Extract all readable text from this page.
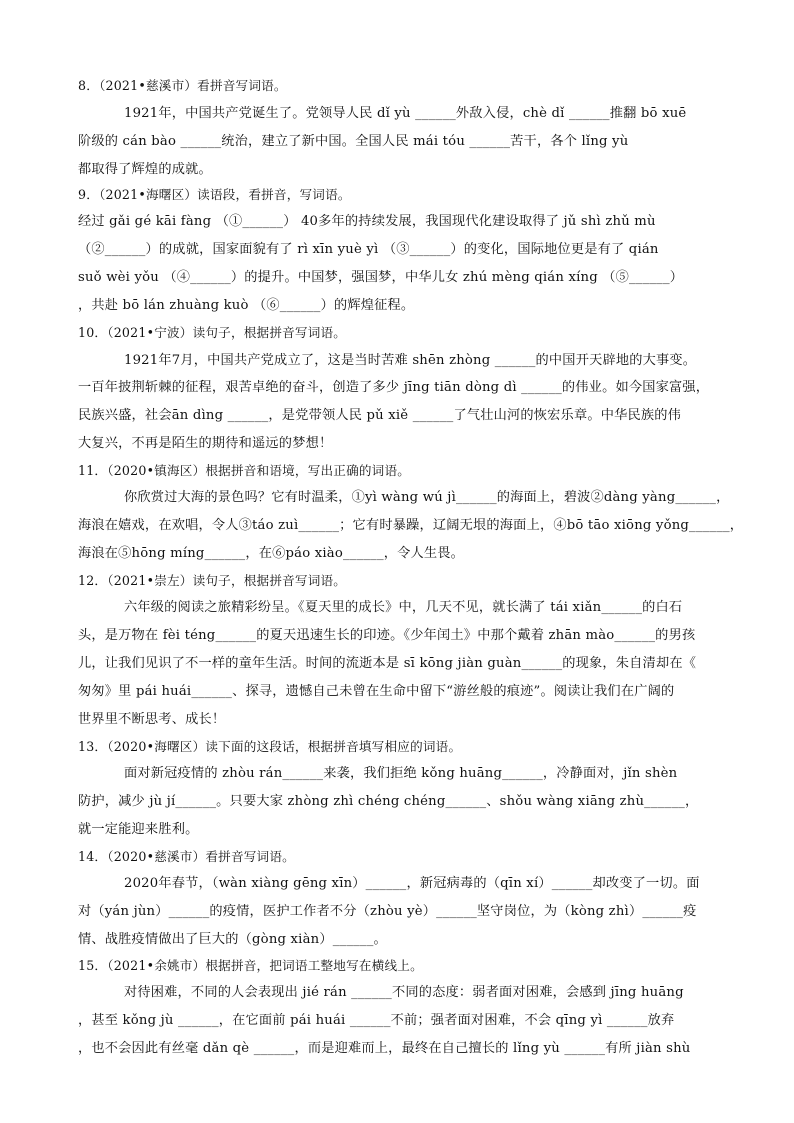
8．（2021•慈溪市）看拼音写词语。
1921年，中国共产党诞生了。党领导人民 dǐ yù ______外敌入侵，chè dǐ ______推翻 bō xuē
阶级的 cán bào ______统治，建立了新中国。全国人民 mái tóu ______苦干，各个 lǐng yù
都取得了辉煌的成就。
9．（2021•海曙区）读语段，看拼音，写词语。
经过 gǎi gé kāi fàng （①______） 40多年的持续发展，我国现代化建设取得了 jǔ shì zhǔ mù
（②______）的成就，国家面貌有了 rì xīn yuè yì （③______）的变化，国际地位更是有了 qián
suǒ wèi yǒu （④______）的提升。中国梦，强国梦，中华儿女 zhú mèng qián xíng （⑤______）
，共赴 bō lán zhuàng kuò （⑥______）的辉煌征程。
10．（2021•宁波）读句子，根据拼音写词语。
1921年7月，中国共产党成立了，这是当时苦难 shēn zhòng ______的中国开天辟地的大事变。
一百年披荆斩棘的征程，艰苦卓绝的奋斗，创造了多少 jīng tiān dòng dì ______的伟业。如今国家富强，
民族兴盛，社会ān dìng ______，是党带领人民 pǔ xiě ______了气壮山河的恢宏乐章。中华民族的伟
大复兴，不再是陌生的期待和遥远的梦想！
11．（2020•镇海区）根据拼音和语境，写出正确的词语。
你欣赏过大海的景色吗？它有时温柔，①yì wàng wú jì______的海面上，碧波②dàng yàng______，
海浪在嬉戏，在欢唱，令人③táo zuì______；它有时暴躁，辽阔无垠的海面上，④bō tāo xiōng yǒng______，
海浪在⑤hōng míng______，在⑥páo xiào______，令人生畏。
12．（2021•崇左）读句子，根据拼音写词语。
六年级的阅读之旅精彩纷呈。《夏天里的成长》中，几天不见，就长满了 tái xiǎn______的白石
头，是万物在 fèi téng______的夏天迅速生长的印迹。《少年闰土》中那个戴着 zhān mào______的男孩
儿，让我们见识了不一样的童年生活。时间的流逝本是 sī kōng jiàn guàn______的现象，朱自清却在《
匆匆》里 pái huái______、探寻，遗憾自己未曾在生命中留下“游丝般的痕迹”。阅读让我们在广阔的
世界里不断思考、成长！
13．（2020•海曙区）读下面的这段话，根据拼音填写相应的词语。
面对新冠疫情的 zhòu rán______来袭，我们拒绝 kǒng huāng______，冷静面对，jǐn shèn
防护，减少 jù jí______。只要大家 zhòng zhì chéng chéng______、shǒu wàng xiāng zhù______，
就一定能迎来胜利。
14．（2020•慈溪市）看拼音写词语。
2020年春节，（wàn xiàng gēng xīn）______，新冠病毒的（qīn xí）______却改变了一切。面
对（yán jùn）______的疫情，医护工作者不分（zhòu yè）______坚守岗位，为（kòng zhì）______疫
情、战胜疫情做出了巨大的（gòng xiàn）______。
15．（2021•余姚市）根据拼音，把词语工整地写在横线上。
对待困难，不同的人会表现出 jié rán ______不同的态度：弱者面对困难，会感到 jīng huāng
，甚至 kǒng jù ______，在它面前 pái huái ______不前；强者面对困难，不会 qīng yì ______放弃
，也不会因此有丝毫 dǎn qè ______，而是迎难而上，最终在自己擅长的 lǐng yù ______有所 jiàn shù
